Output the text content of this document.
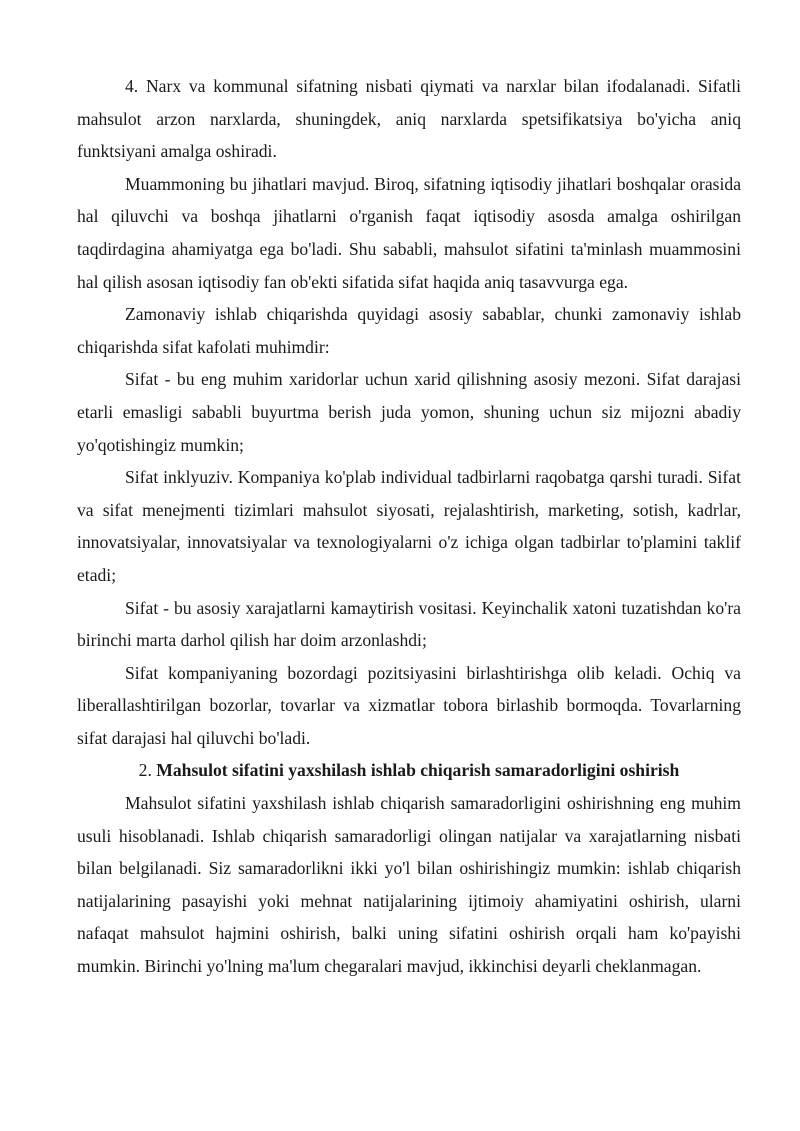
4. Narx va kommunal sifatning nisbati qiymati va narxlar bilan ifodalanadi. Sifatli mahsulot arzon narxlarda, shuningdek, aniq narxlarda spetsifikatsiya bo'yicha aniq funktsiyani amalga oshiradi.

Muammoning bu jihatlari mavjud. Biroq, sifatning iqtisodiy jihatlari boshqalar orasida hal qiluvchi va boshqa jihatlarni o'rganish faqat iqtisodiy asosda amalga oshirilgan taqdirdagina ahamiyatga ega bo'ladi. Shu sababli, mahsulot sifatini ta'minlash muammosini hal qilish asosan iqtisodiy fan ob'ekti sifatida sifat haqida aniq tasavvurga ega.

Zamonaviy ishlab chiqarishda quyidagi asosiy sabablar, chunki zamonaviy ishlab chiqarishda sifat kafolati muhimdir:

Sifat - bu eng muhim xaridorlar uchun xarid qilishning asosiy mezoni. Sifat darajasi etarli emasligi sababli buyurtma berish juda yomon, shuning uchun siz mijozni abadiy yo'qotishingiz mumkin;

Sifat inklyuziv. Kompaniya ko'plab individual tadbirlarni raqobatga qarshi turadi. Sifat va sifat menejmenti tizimlari mahsulot siyosati, rejalashtirish, marketing, sotish, kadrlar, innovatsiyalar, innovatsiyalar va texnologiyalarni o'z ichiga olgan tadbirlar to'plamini taklif etadi;

Sifat - bu asosiy xarajatlarni kamaytirish vositasi. Keyinchalik xatoni tuzatishdan ko'ra birinchi marta darhol qilish har doim arzonlashdi;

Sifat kompaniyaning bozordagi pozitsiyasini birlashtirishga olib keladi. Ochiq va liberallashtirilgan bozorlar, tovarlar va xizmatlar tobora birlashib bormoqda. Tovarlarning sifat darajasi hal qiluvchi bo'ladi.

2. Mahsulot sifatini yaxshilash ishlab chiqarish samaradorligini oshirish

Mahsulot sifatini yaxshilash ishlab chiqarish samaradorligini oshirishning eng muhim usuli hisoblanadi. Ishlab chiqarish samaradorligi olingan natijalar va xarajatlarning nisbati bilan belgilanadi. Siz samaradorlikni ikki yo'l bilan oshirishingiz mumkin: ishlab chiqarish natijalarining pasayishi yoki mehnat natijalarining ijtimoiy ahamiyatini oshirish, ularni nafaqat mahsulot hajmini oshirish, balki uning sifatini oshirish orqali ham ko'payishi mumkin. Birinchi yo'lning ma'lum chegaralari mavjud, ikkinchisi deyarli cheklanmagan.
